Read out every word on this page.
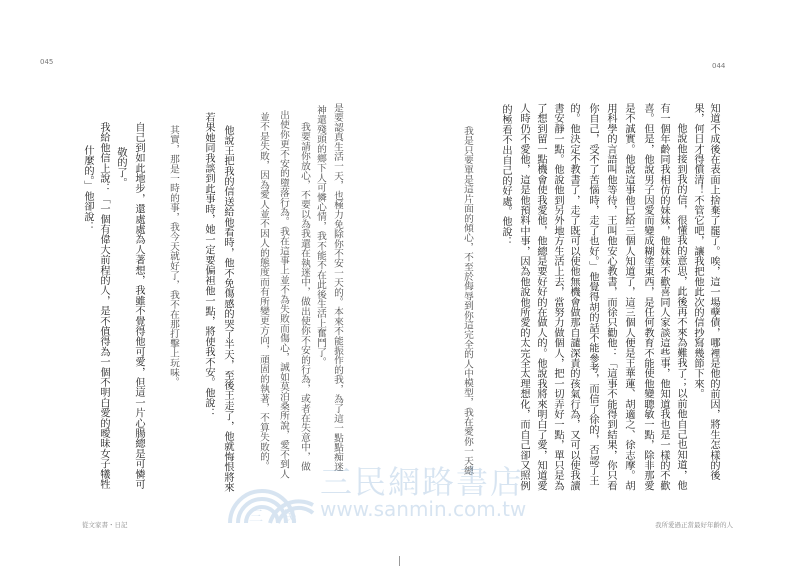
045
是要認真生活一天，也極力免除你不安一天的。本來不能振作的我，為了這一點點痴迷
神還殘頭的鄉下人可憐心情，我不能不在此後生活上奮鬥了。
我要請你放心，不要以為我還在執迷中，做出使你不安的行為，或者在失意中，做
出使你更不安的墮落行為。我在這事上並不為失敗而傷心，誠如莫泊桑所說，愛不到人
並不是失敗，因為愛人並不因人的態度而有所變更方向，頑固的執著，不算失敗的。
他說王把我的信送給他看時，他不免傷感的哭了半天，至後王走了，他就悔恨將來
若果她同我談到此事時，她一定要偏袒他一點，將使我不安。他說：
其實，那是一時的事，我今天就好了，我不在那打擊上玩味。
自己到如此地步，還處處為人著想，我雖不覺得他可愛，但這一片心腸總是可憐可
敬的了。
我給他信上說：「一個有偉大前程的人，是不值得為一個不明白愛的曖昧女子犧牲
什麼的。」他卻說：
從文家書・日記
044
知道不成後在表面上捨棄了罷了。唉，這一場孽債，哪裡是他的前因，將生怎樣的後
果，何日才得償清！不管它吧，讓我把他此次的信抄寫幾節下來。
他說他接到我的信，很懂我的意思，此後再不來為難我了；以前他自己也知道，他
有一個年齡同我相仿的妹妹，他妹妹不歡喜同人家談這些事，他知道我也是一樣的不歡
喜。但是，他說男子因愛而變成糊塗東西，是任何教育不能使他變聰敏一點，除非那愛
是不誠實。他說這事他已給三個人知道了，這三個人便是王華蓮、胡適之、徐志摩。胡
用科學的言語叫他等待，王叫他安心教書，而徐只勸他：「這事不能得到結果，你只看
你自己，受不了苦惱時，走了也好。」他覺得胡的話不能參考，而信了徐的，否認了王
的。他決定不教書了，走了既可以使他無機會做那自譴深責的孩氣行為，又可以使我讀
書安靜一點。他說他到另外地方生活上去，當努力做個人，把一切弄好一點，單只是為
了想到留一點機會使我愛他，他總是要好好的在做人的。他說我將來明白了愛，知道愛
人時仍不愛他，這是他預料中事，因為他說他所愛的太完全太理想化，而自己卻又照例
的極看不出自己的好處。他說：
我是只要單是這片面的傾心，不至於侮辱到你這完全的人中模型，我在愛你一天總
我所愛過正當最好年齡的人
三 民
三民網路書店
www.sanmin.com.tw
